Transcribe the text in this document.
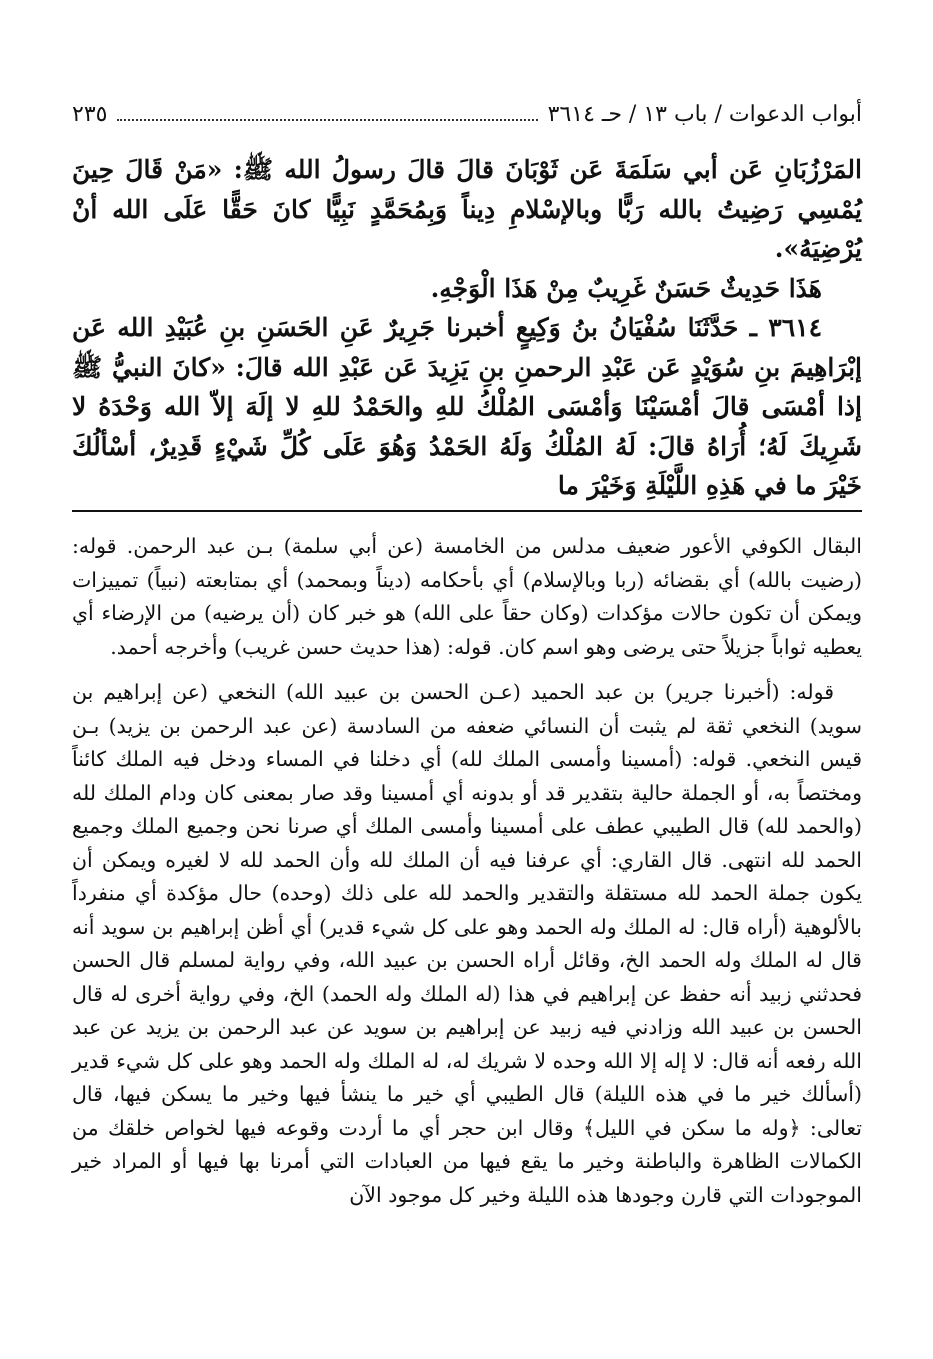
أبواب الدعوات / باب ١٣ / حـ ٣٦١٤
٢٣٥

المَرْزُبَانِ عَن أبي سَلَمَةَ عَن ثَوْبَانَ قالَ قالَ رسولُ الله ﷺ: «مَنْ قَالَ حِينَ يُمْسِي رَضِيتُ بالله رَبًّا وبالإسْلامِ دِيناً وَبِمُحَمَّدٍ نَبِيًّا كانَ حَقًّا عَلَى الله أنْ يُرْضِيَهُ».

هَذَا حَدِيثٌ حَسَنٌ غَرِيبٌ مِنْ هَذَا الْوَجْهِ.

٣٦١٤ ـ حَدَّثَنَا سُفْيَانُ بنُ وَكِيعٍ أخبرنا جَرِيرٌ عَنِ الحَسَنِ بنِ عُبَيْدِ الله عَن إبْرَاهِيمَ بنِ سُوَيْدٍ عَن عَبْدِ الرحمنِ بنِ يَزِيدَ عَن عَبْدِ الله قالَ: «كانَ النبيُّ ﷺ إذا أمْسَى قالَ أمْسَيْنَا وَأمْسَى المُلْكُ للهِ والحَمْدُ للهِ لا إلَهَ إلاّ الله وَحْدَهُ لا شَرِيكَ لَهُ؛ أُرَاهُ قالَ: لَهُ المُلْكُ وَلَهُ الحَمْدُ وَهُوَ عَلَى كُلِّ شَيْءٍ قَدِيرٌ، أسْألُكَ خَيْرَ ما في هَذِهِ اللَّيْلَةِ وَخَيْرَ ما

البقال الكوفي الأعور ضعيف مدلس من الخامسة (عن أبي سلمة) بـن عبد الرحمن. قوله: (رضيت بالله) أي بقضائه (ربا وبالإسلام) أي بأحكامه (ديناً وبمحمد) أي بمتابعته (نبياً) تمييزات ويمكن أن تكون حالات مؤكدات (وكان حقاً على الله) هو خبر كان (أن يرضيه) من الإرضاء أي يعطيه ثواباً جزيلاً حتى يرضى وهو اسم كان. قوله: (هذا حديث حسن غريب) وأخرجه أحمد.

قوله: (أخبرنا جرير) بن عبد الحميد (عـن الحسن بن عبيد الله) النخعي (عن إبراهيم بن سويد) النخعي ثقة لم يثبت أن النسائي ضعفه من السادسة (عن عبد الرحمن بن يزيد) بـن قيس النخعي. قوله: (أمسينا وأمسى الملك لله) أي دخلنا في المساء ودخل فيه الملك كائناً ومختصاً به، أو الجملة حالية بتقدير قد أو بدونه أي أمسينا وقد صار بمعنى كان ودام الملك لله (والحمد لله) قال الطيبي عطف على أمسينا وأمسى الملك أي صرنا نحن وجميع الملك وجميع الحمد لله انتهى. قال القاري: أي عرفنا فيه أن الملك لله وأن الحمد لله لا لغيره ويمكن أن يكون جملة الحمد لله مستقلة والتقدير والحمد لله على ذلك (وحده) حال مؤكدة أي منفرداً بالألوهية (أراه قال: له الملك وله الحمد وهو على كل شيء قدير) أي أظن إبراهيم بن سويد أنه قال له الملك وله الحمد الخ، وقائل أراه الحسن بن عبيد الله، وفي رواية لمسلم قال الحسن فحدثني زبيد أنه حفظ عن إبراهيم في هذا (له الملك وله الحمد) الخ، وفي رواية أخرى له قال الحسن بن عبيد الله وزادني فيه زبيد عن إبراهيم بن سويد عن عبد الرحمن بن يزيد عن عبد الله رفعه أنه قال: لا إله إلا الله وحده لا شريك له، له الملك وله الحمد وهو على كل شيء قدير (أسألك خير ما في هذه الليلة) قال الطيبي أي خير ما ينشأ فيها وخير ما يسكن فيها، قال تعالى: ﴿وله ما سكن في الليل﴾ وقال ابن حجر أي ما أردت وقوعه فيها لخواص خلقك من الكمالات الظاهرة والباطنة وخير ما يقع فيها من العبادات التي أمرنا بها فيها أو المراد خير الموجودات التي قارن وجودها هذه الليلة وخير كل موجود الآن
